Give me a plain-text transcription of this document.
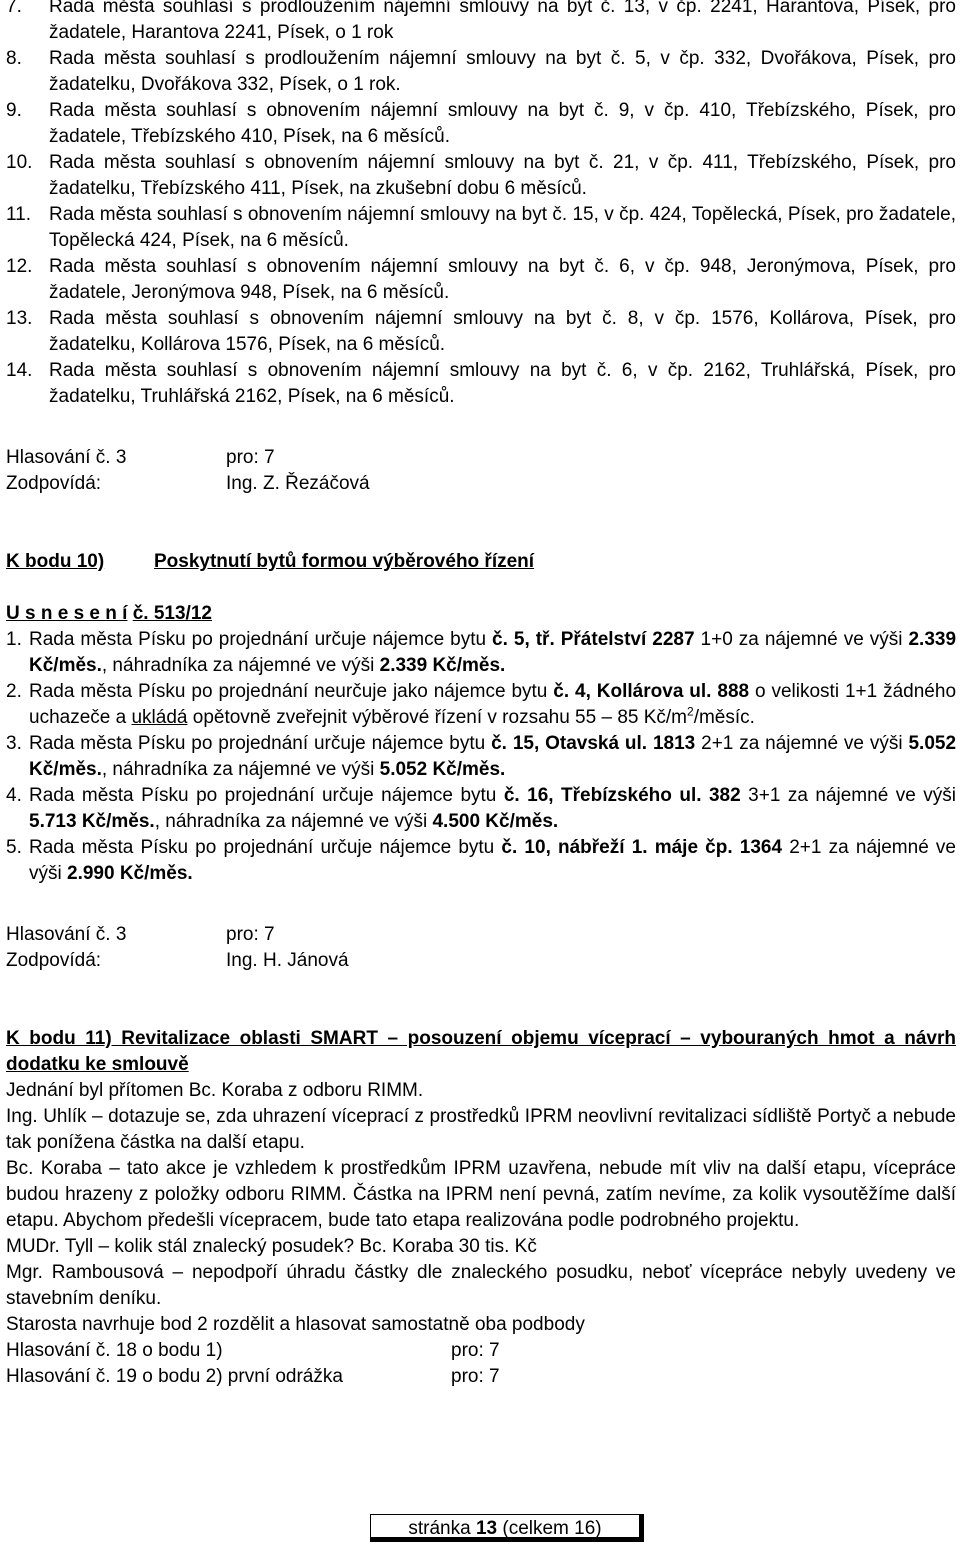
7.	Rada města souhlasí s prodloužením nájemní smlouvy na byt č. 13, v čp. 2241, Harantova, Písek, pro žadatele, Harantova 2241, Písek, o 1 rok
8.	Rada města souhlasí s prodloužením nájemní smlouvy na byt č. 5, v čp. 332, Dvořákova, Písek, pro žadatelku, Dvořákova 332, Písek, o 1 rok.
9.	Rada města souhlasí s obnovením nájemní smlouvy na byt č. 9, v čp. 410, Třebízského, Písek, pro žadatele, Třebízského 410, Písek, na 6 měsíců.
10. Rada města souhlasí s obnovením nájemní smlouvy na byt č. 21, v čp. 411, Třebízského, Písek, pro žadatelku, Třebízského 411, Písek, na zkušební dobu 6 měsíců.
11. Rada města souhlasí s obnovením nájemní smlouvy na byt č. 15, v čp. 424, Topělecká, Písek, pro žadatele, Topělecká 424, Písek, na 6 měsíců.
12. Rada města souhlasí s obnovením nájemní smlouvy na byt č. 6, v čp. 948, Jeronýmova, Písek, pro žadatele, Jeronýmova 948, Písek, na 6 měsíců.
13. Rada města souhlasí s obnovením nájemní smlouvy na byt č. 8, v čp. 1576, Kollárova, Písek, pro žadatelku, Kollárova 1576, Písek, na 6 měsíců.
14. Rada města souhlasí s obnovením nájemní smlouvy na byt č. 6, v čp. 2162, Truhlářská, Písek, pro žadatelku, Truhlářská 2162, Písek, na 6 měsíců.
Hlasování č. 3	pro: 7
Zodpovídá:	Ing. Z. Řezáčová
K bodu 10)	Poskytnutí bytů formou výběrového řízení
U s n e s e n í č. 513/12
1. Rada města Písku po projednání určuje nájemce bytu č. 5, tř. Přátelství 2287 1+0 za nájemné ve výši 2.339 Kč/měs., náhradníka za nájemné ve výši 2.339 Kč/měs.
2. Rada města Písku po projednání neurčuje jako nájemce bytu č. 4, Kollárova ul. 888 o velikosti 1+1 žádného uchazeče a ukládá opětovně zveřejnit výběrové řízení v rozsahu 55 – 85 $Kč/m^2$/měsíc.
3. Rada města Písku po projednání určuje nájemce bytu č. 15, Otavská ul. 1813 2+1 za nájemné ve výši 5.052 Kč/měs., náhradníka za nájemné ve výši 5.052 Kč/měs.
4. Rada města Písku po projednání určuje nájemce bytu č. 16, Třebízského ul. 382 3+1 za nájemné ve výši 5.713 Kč/měs., náhradníka za nájemné ve výši 4.500 Kč/měs.
5. Rada města Písku po projednání určuje nájemce bytu č. 10, nábřeží 1. máje čp. 1364 2+1 za nájemné ve výši 2.990 Kč/měs.
Hlasování č. 3	pro: 7
Zodpovídá:	Ing. H. Jánová
K bodu 11) Revitalizace oblasti SMART – posouzení objemu víceprací – vybouraných hmot a návrh dodatku ke smlouvě
Jednání byl přítomen Bc. Koraba z odboru RIMM.
Ing. Uhlík – dotazuje se, zda uhrazení víceprací z prostředků IPRM neovlivní revitalizaci sídliště Portyč a nebude tak ponížena částka na další etapu.
Bc. Koraba – tato akce je vzhledem k prostředkům IPRM uzavřena, nebude mít vliv na další etapu, vícepráce budou hrazeny z položky odboru RIMM. Částka na IPRM není pevná, zatím nevíme, za kolik vysoutěžíme další etapu. Abychom předešli vícepracem, bude tato etapa realizována podle podrobného projektu.
MUDr. Tyll – kolik stál znalecký posudek? Bc. Koraba 30 tis. Kč
Mgr. Rambousová – nepodpoří úhradu částky dle znaleckého posudku, neboť vícepráce nebyly uvedeny ve stavebním deníku.
Starosta navrhuje bod 2 rozdělit a hlasovat samostatně oba podbody
Hlasování č. 18 o bodu 1)	pro: 7
Hlasování č. 19 o bodu 2) první odrážka	pro: 7
stránka 13 (celkem 16)
